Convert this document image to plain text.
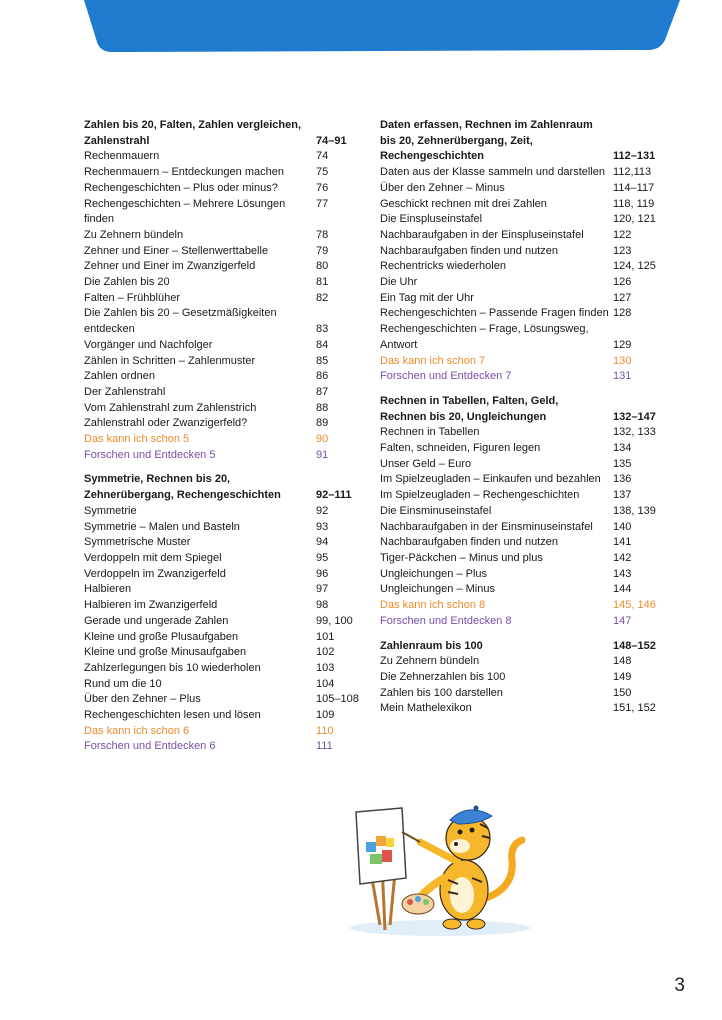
Zahlen bis 20, Falten, Zahlen vergleichen,
Zahlenstrahl	74–91
Rechenmauern	74
Rechenmauern – Entdeckungen machen	75
Rechengeschichten – Plus oder minus?	76
Rechengeschichten – Mehrere Lösungen finden
77
Zu Zehnern bündeln	78
Zehner und Einer – Stellenwerttabelle	79
Zehner und Einer im Zwanzigerfeld	80
Die Zahlen bis 20	81
Falten – Frühblüher	82
Die Zahlen bis 20 – Gesetzmäßigkeiten
entdecken	83
Vorgänger und Nachfolger	84
Zählen in Schritten – Zahlenmuster	85
Zahlen ordnen	86
Der Zahlenstrahl	87
Vom Zahlenstrahl zum Zahlenstrich	88
Zahlenstrahl oder Zwanzigerfeld?	89
Das kann ich schon 5	90
Forschen und Entdecken 5	91
Symmetrie, Rechnen bis 20,
Zehnerübergang, Rechengeschichten	92–111
Symmetrie	92
Symmetrie – Malen und Basteln	93
Symmetrische Muster	94
Verdoppeln mit dem Spiegel	95
Verdoppeln im Zwanzigerfeld	96
Halbieren	97
Halbieren im Zwanzigerfeld	98
Gerade und ungerade Zahlen	99, 100
Kleine und große Plusaufgaben	101
Kleine und große Minusaufgaben	102
Zahlzerlegungen bis 10 wiederholen	103
Rund um die 10	104
Über den Zehner – Plus	105–108
Rechengeschichten lesen und lösen	109
Das kann ich schon 6	110
Forschen und Entdecken 6	111
Daten erfassen, Rechnen im Zahlenraum
bis 20, Zehnerübergang, Zeit,
Rechengeschichten	112–131
Daten aus der Klasse sammeln und darstellen 112,113
Über den Zehner – Minus	114–117
Geschickt rechnen mit drei Zahlen	118, 119
Die Einspluseinstafel	120, 121
Nachbaraufgaben in der Einspluseinstafel	122
Nachbaraufgaben finden und nutzen	123
Rechentricks wiederholen	124, 125
Die Uhr	126
Ein Tag mit der Uhr	127
Rechengeschichten – Passende Fragen finden 128
Rechengeschichten – Frage, Lösungsweg,
Antwort	129
Das kann ich schon 7	130
Forschen und Entdecken 7	131
Rechnen in Tabellen, Falten, Geld,
Rechnen bis 20, Ungleichungen	132–147
Rechnen in Tabellen	132, 133
Falten, schneiden, Figuren legen	134
Unser Geld – Euro	135
Im Spielzeugladen – Einkaufen und bezahlen	136
Im Spielzeugladen – Rechengeschichten	137
Die Einsminuseinstafel	138, 139
Nachbaraufgaben in der Einsminuseinstafel	140
Nachbaraufgaben finden und nutzen	141
Tiger-Päckchen – Minus und plus	142
Ungleichungen – Plus	143
Ungleichungen – Minus	144
Das kann ich schon 8	145, 146
Forschen und Entdecken 8	147
Zahlenraum bis 100	148–152
Zu Zehnern bündeln	148
Die Zehnerzahlen bis 100	149
Zahlen bis 100 darstellen	150
Mein Mathelexikon	151, 152
3
